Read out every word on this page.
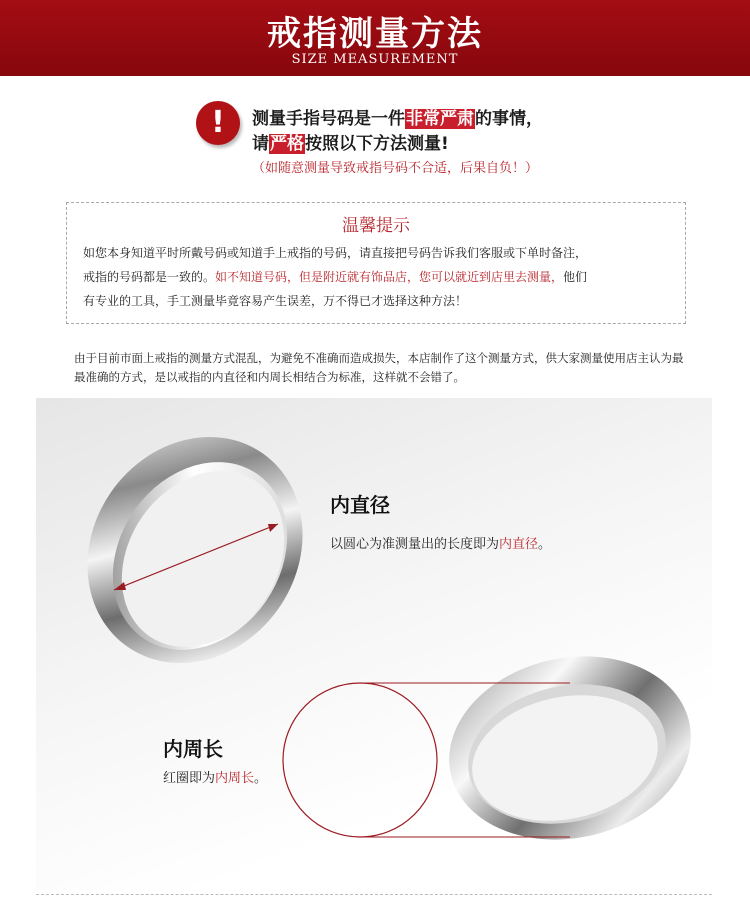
戒指测量方法
SIZE MEASUREMENT
!	测量手指号码是一件非常严肃的事情，
请严格按照以下方法测量!
（如随意测量导致戒指号码不合适，后果自负！）
温馨提示
如您本身知道平时所戴号码或知道手上戒指的号码，请直接把号码告诉我们客服或下单时备注，
戒指的号码都是一致的。如不知道号码，但是附近就有饰品店，您可以就近到店里去测量，他们
有专业的工具，手工测量毕竟容易产生误差，万不得已才选择这种方法！
由于目前市面上戒指的测量方式混乱，为避免不准确而造成损失，本店制作了这个测量方式，供大家测量使用店主认为最最准确的方式，是以戒指的内直径和内周长相结合为标准，这样就不会错了。
内直径
以圆心为准测量出的长度即为内直径。
内周长
红圈即为内周长。
